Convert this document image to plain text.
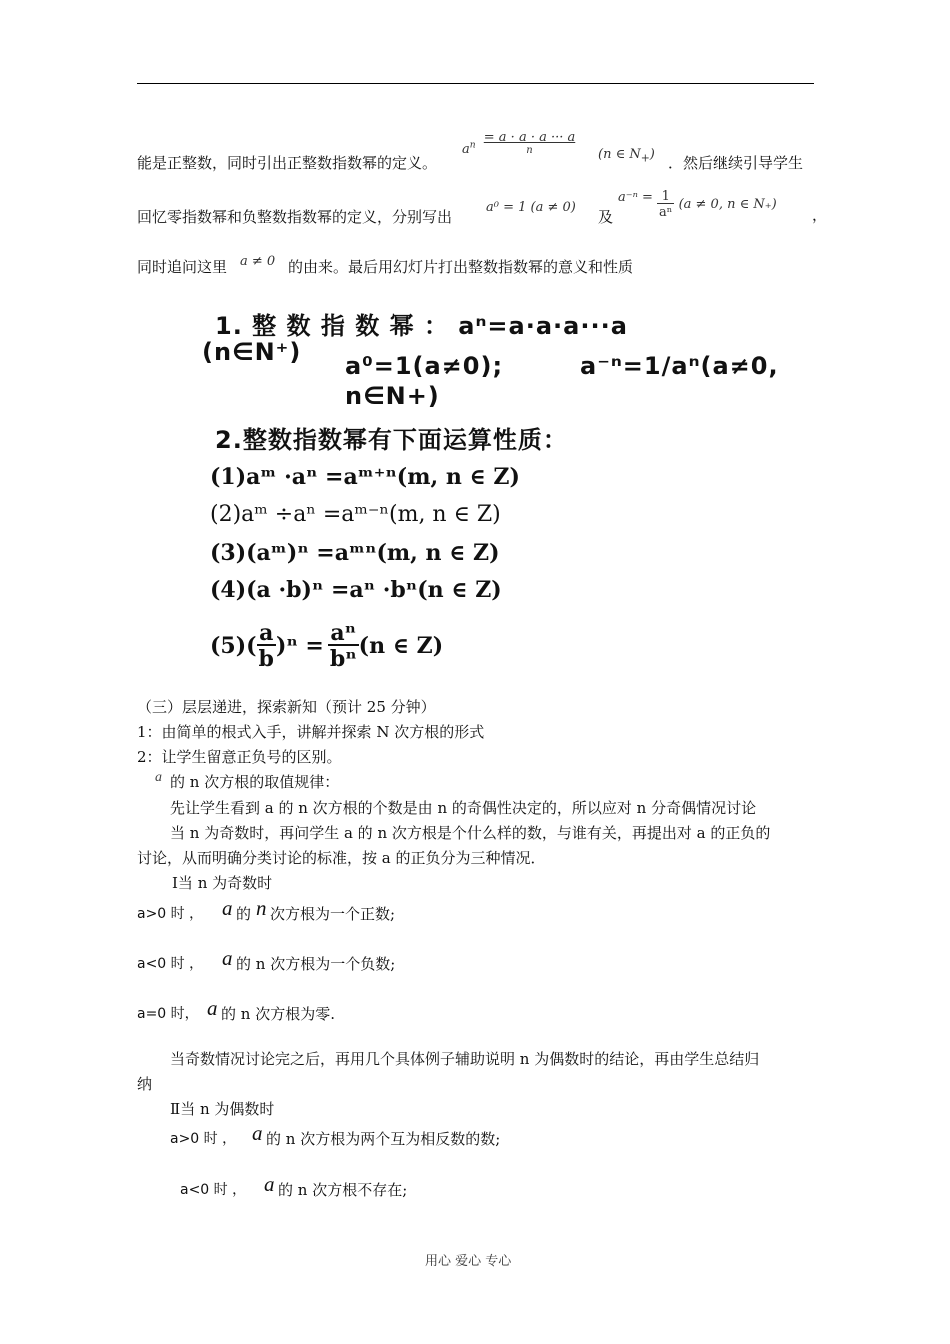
能是正整数，同时引出正整数指数幂的定义。
$a^n$
= a · a · a ··· a
n	(n ∈ $N_+$) ．然后继续引导学生
回忆零指数幂和负整数指数幂的定义，分别写出
a⁰ = 1 (a ≠ 0)
及
$a^{-n} = \frac{1}{\text{aⁿ}} (a \ne 0$, n ∈ N₊)
，
同时追问这里 a ≠ 0 的由来。最后用幻灯片打出整数指数幂的意义和性质
1. 整 数 指 数 幂 ： aⁿ=a·a·a···a
(n∈N⁺) a⁰=1(a≠0);	a⁻ⁿ=1/aⁿ(a≠0,
n∈N+)
2.整数指数幂有下面运算性质：
(1)aᵐ ·aⁿ =aᵐ⁺ⁿ(m, n ∈ Z)
(2)aᵐ ÷aⁿ =aᵐ⁻ⁿ(m, n ∈ Z)
(3)(aᵐ)ⁿ =aᵐⁿ(m, n ∈ Z)
(4)(a ·b)ⁿ =aⁿ ·bⁿ(n ∈ Z)
$(5)( \frac{a}{b} )^n = \frac{\text{aⁿ}}{\text{bⁿ}} (n$ ∈ Z)
（三）层层递进，探索新知（预计 25 分钟）
1：由简单的根式入手，讲解并探索 N 次方根的形式
2：让学生留意正负号的区别。
a 的 n 次方根的取值规律：
先让学生看到 a 的 n 次方根的个数是由 n 的奇偶性决定的，所以应对 n 分奇偶情况讨论
当 n 为奇数时，再问学生 a 的 n 次方根是个什么样的数，与谁有关，再提出对 a 的正负的
讨论，从而明确分类讨论的标准，按 a 的正负分为三种情况．
Ⅰ当 n 为奇数时
a>0 时 ， a 的 n 次方根为一个正数;
a<0 时 ， a 的 n 次方根为一个负数;
a=0 时， a 的 n 次方根为零.
当奇数情况讨论完之后，再用几个具体例子辅助说明 n 为偶数时的结论，再由学生总结归
纳
Ⅱ当 n 为偶数时
a>0 时 ， a 的 n 次方根为两个互为相反数的数;
a<0 时 ， a 的 n 次方根不存在;
用心 爱心 专心
